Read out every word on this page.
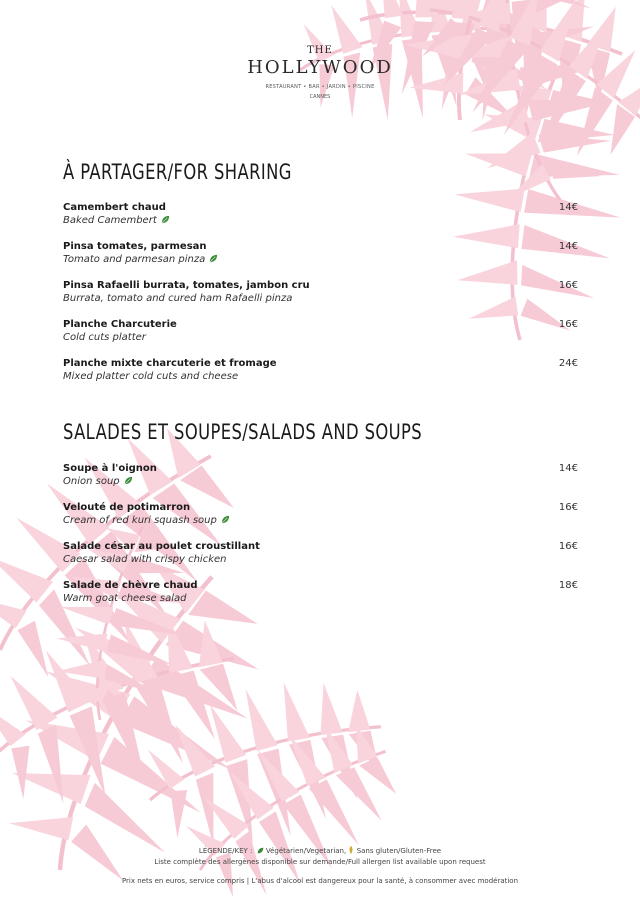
THE
HOLLYWOOD
RESTAURANT • BAR • JARDIN • PISCINE
CANNES
À PARTAGER/FOR SHARING
Camembert chaud
Baked Camembert
14€
Pinsa tomates, parmesan
Tomato and parmesan pinza
14€
Pinsa Rafaelli burrata, tomates, jambon cru
Burrata, tomato and cured ham Rafaelli pinza
16€
Planche Charcuterie
Cold cuts platter
16€
Planche mixte charcuterie et fromage
Mixed platter cold cuts and cheese
24€
SALADES ET SOUPES/SALADS AND SOUPS
Soupe à l'oignon
Onion soup
14€
Velouté de potimarron
Cream of red kuri squash soup
16€
Salade césar au poulet croustillant
Caesar salad with crispy chicken
16€
Salade de chèvre chaud
Warm goat cheese salad
18€
LÉGENDE/KEY : Végétarien/Vegetarian, Sans gluten/Gluten-Free
Liste complète des allergènes disponible sur demande/Full allergen list available upon request
Prix nets en euros, service compris | L'abus d'alcool est dangereux pour la santé, à consommer avec modération
